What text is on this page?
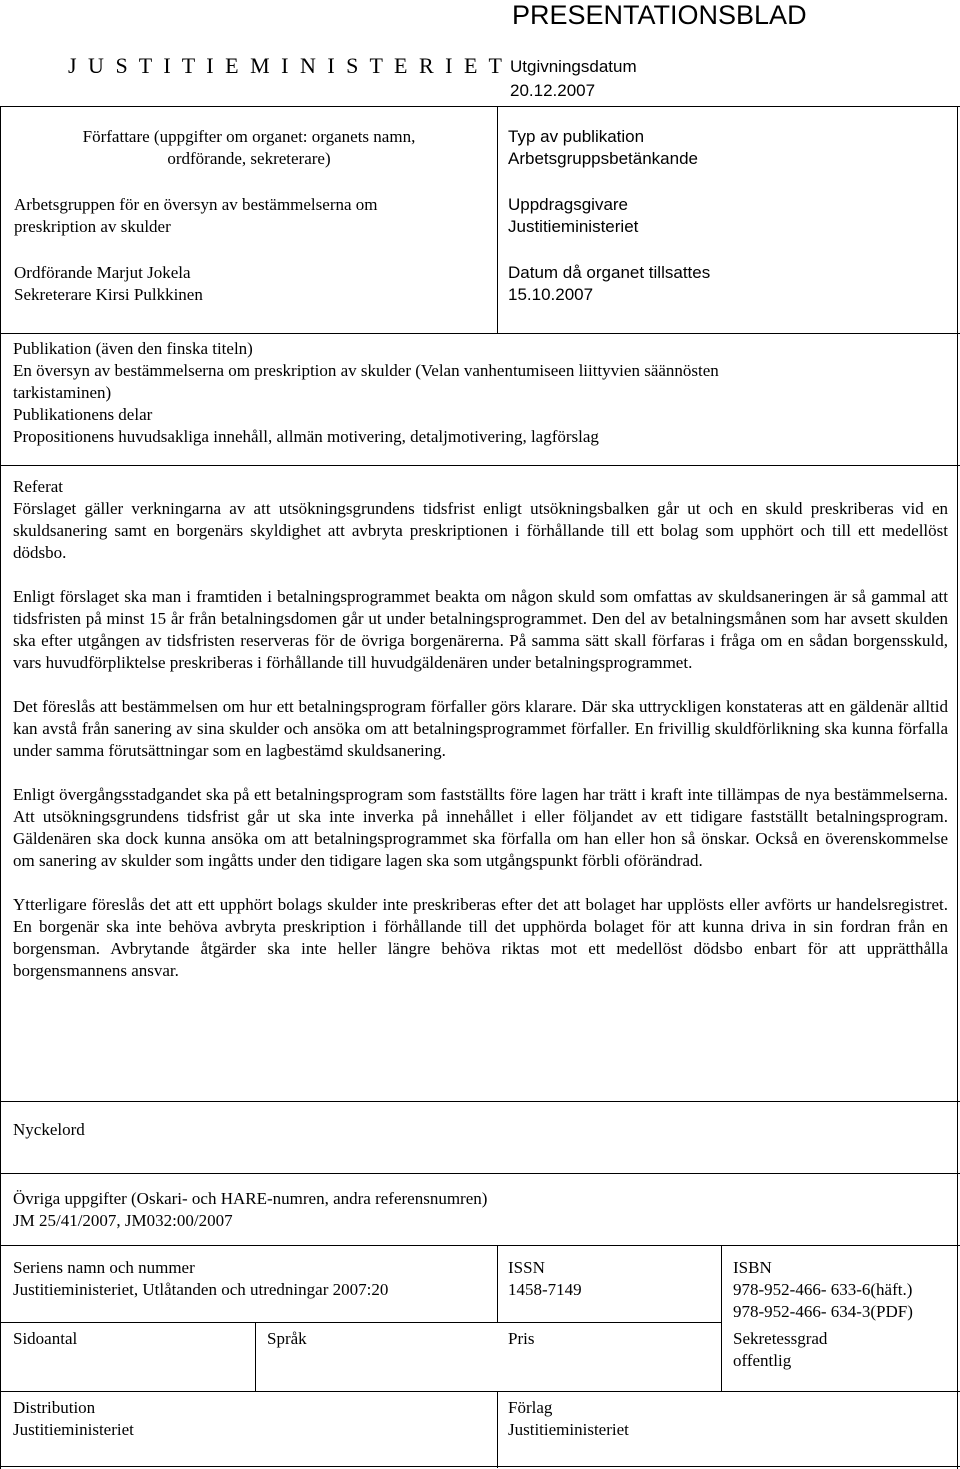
J U S T I T I E M I N I S T E R I E T
PRESENTATIONSBLAD
Utgivningsdatum
20.12.2007

Författare (uppgifter om organet: organets namn,

ordförande, sekreterare)

Arbetsgruppen för en översyn av bestämmelserna om

preskription av skulder

Ordförande Marjut Jokela

Sekreterare Kirsi Pulkkinen

Typ av publikation

Arbetsgruppsbetänkande

Uppdragsgivare

Justitieministeriet

Datum då organet tillsattes

15.10.2007

Publikation (även den finska titeln)

En översyn av bestämmelserna om preskription av skulder (Velan vanhentumiseen liittyvien säännösten

tarkistaminen)

Publikationens delar

Propositionens huvudsakliga innehåll, allmän motivering, detaljmotivering, lagförslag

Referat

Förslaget gäller verkningarna av att utsökningsgrundens tidsfrist enligt utsökningsbalken går ut och en skuld preskriberas vid en skuldsanering samt en borgenärs skyldighet att avbryta preskriptionen i förhållande till ett bolag som upphört och till ett medellöst dödsbo.

Enligt förslaget ska man i framtiden i betalningsprogrammet beakta om någon skuld som omfattas av skuldsaneringen är så gammal att tidsfristen på minst 15 år från betalningsdomen går ut under betalningsprogrammet. Den del av betalningsmånen som har avsett skulden ska efter utgången av tidsfristen reserveras för de övriga borgenärerna. På samma sätt skall förfaras i fråga om en sådan borgensskuld, vars huvudförpliktelse preskriberas i förhållande till huvudgäldenären under betalningsprogrammet.

Det föreslås att bestämmelsen om hur ett betalningsprogram förfaller görs klarare. Där ska uttryckligen konstateras att en gäldenär alltid kan avstå från sanering av sina skulder och ansöka om att betalningsprogrammet förfaller. En frivillig skuldförlikning ska kunna förfalla under samma förutsättningar som en lagbestämd skuldsanering.

Enligt övergångsstadgandet ska på ett betalningsprogram som fastställts före lagen har trätt i kraft inte tillämpas de nya bestämmelserna. Att utsökningsgrundens tidsfrist går ut ska inte inverka på innehållet i eller följandet av ett tidigare fastställt betalningsprogram. Gäldenären ska dock kunna ansöka om att betalningsprogrammet ska förfalla om han eller hon så önskar. Också en överenskommelse om sanering av skulder som ingåtts under den tidigare lagen ska som utgångspunkt förbli oförändrad.

Ytterligare föreslås det att ett upphört bolags skulder inte preskriberas efter det att bolaget har upplösts eller avförts ur handelsregistret. En borgenär ska inte behöva avbryta preskription i förhållande till det upphörda bolaget för att kunna driva in sin fordran från en borgensman. Avbrytande åtgärder ska inte heller längre behöva riktas mot ett medellöst dödsbo enbart för att upprätthålla borgensmannens ansvar.

Nyckelord

Övriga uppgifter (Oskari- och HARE-numren, andra referensnumren)

JM 25/41/2007, JM032:00/2007

Seriens namn och nummer

Justitieministeriet, Utlåtanden och utredningar 2007:20

ISSN

1458-7149

ISBN

978-952-466- 633-6(häft.)

978-952-466- 634-3(PDF)

Sidoantal	Språk	Pris	Sekretessgrad

offentlig

Distribution

Justitieministeriet

Förlag

Justitieministeriet
